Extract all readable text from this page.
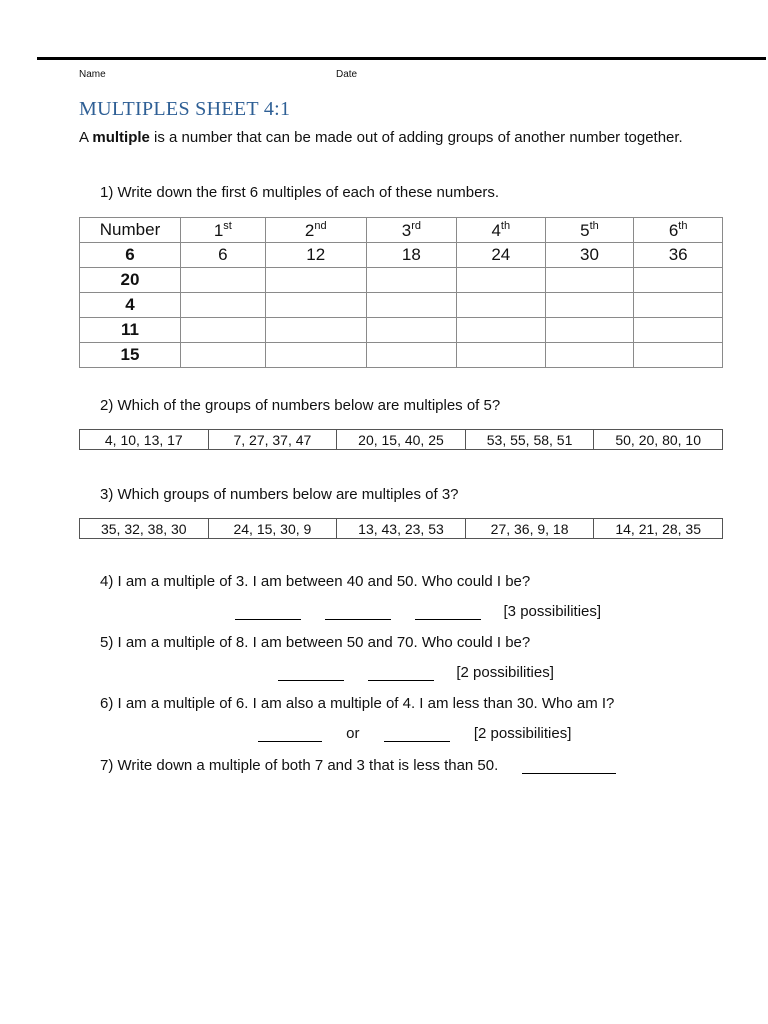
Name	Date
MULTIPLES SHEET 4:1

A multiple is a number that can be made out of adding groups of another number together.

1) Write down the first 6 multiples of each of these numbers.

Number	1st	2nd	3rd	4th	5th	6th
6	6	12	18	24	30	36
20						
4						
11						
15						

2) Which of the groups of numbers below are multiples of 5?

4, 10, 13, 17	7, 27, 37, 47	20, 15, 40, 25	53, 55, 58, 51	50, 20, 80, 10

3) Which groups of numbers below are multiples of 3?

35, 32, 38, 30	24, 15, 30, 9	13, 43, 23, 53	27, 36, 9, 18	14, 21, 28, 35

4) I am a multiple of 3. I am between 40 and 50. Who could I be?

[3 possibilities]

5) I am a multiple of 8. I am between 50 and 70. Who could I be?

[2 possibilities]

6) I am a multiple of 6. I am also a multiple of 4. I am less than 30. Who am I?

or	[2 possibilities]
7) Write down a multiple of both 7 and 3 that is less than 50.
